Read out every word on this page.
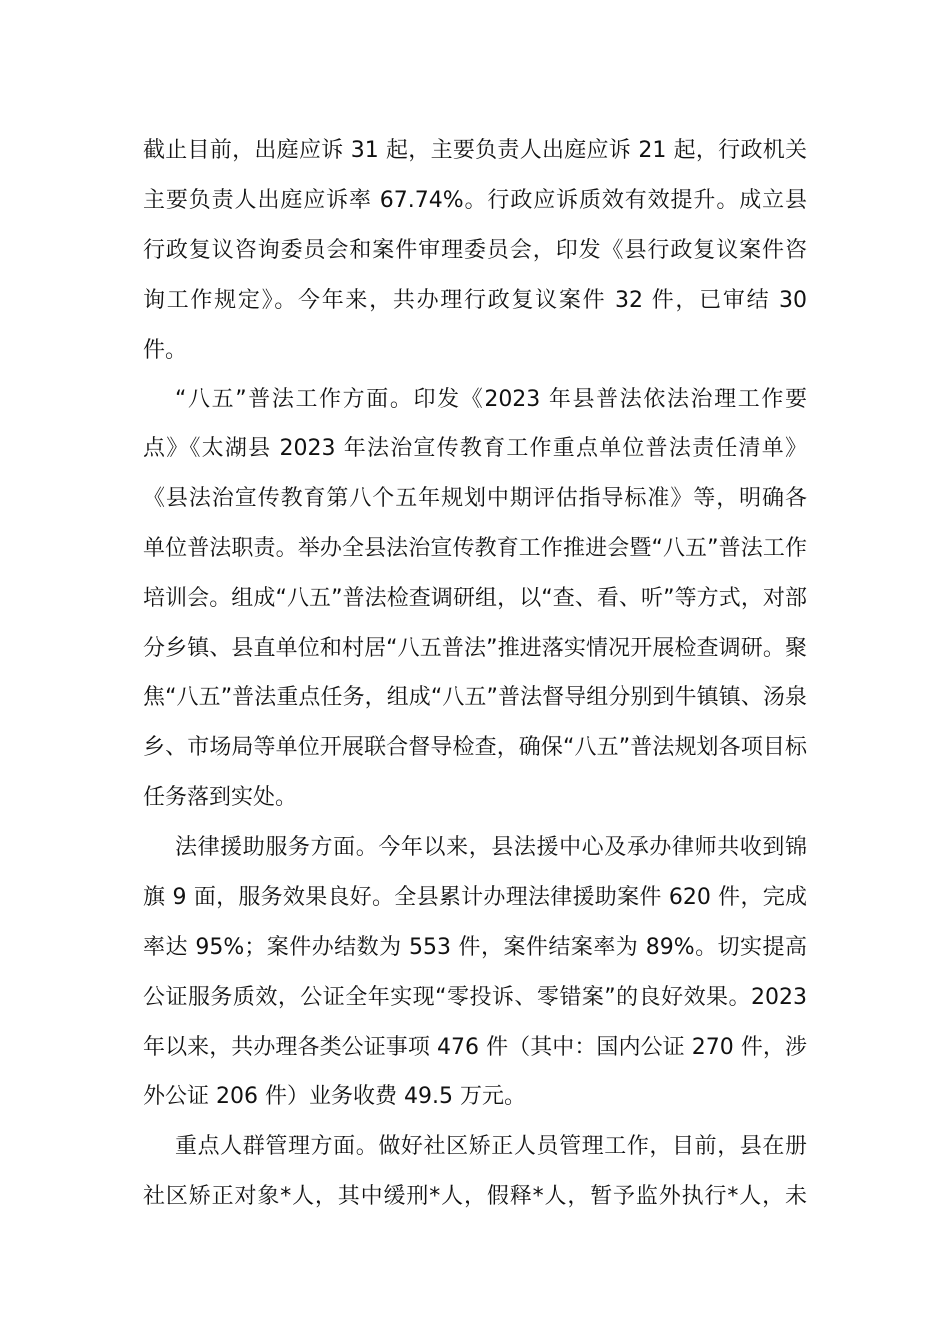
截止目前，出庭应诉 31 起，主要负责人出庭应诉 21 起，行政机关
主要负责人出庭应诉率 67.74%。行政应诉质效有效提升。成立县
行政复议咨询委员会和案件审理委员会，印发《县行政复议案件咨
询工作规定》。今年来，共办理行政复议案件 32 件，已审结 30
件。
“八五”普法工作方面。印发《2023 年县普法依法治理工作要
点》《太湖县 2023 年法治宣传教育工作重点单位普法责任清单》
《县法治宣传教育第八个五年规划中期评估指导标准》等，明确各
单位普法职责。举办全县法治宣传教育工作推进会暨“八五”普法工作
培训会。组成“八五”普法检查调研组，以“查、看、听”等方式，对部
分乡镇、县直单位和村居“八五普法”推进落实情况开展检查调研。聚
焦“八五”普法重点任务，组成“八五”普法督导组分别到牛镇镇、汤泉
乡、市场局等单位开展联合督导检查，确保“八五”普法规划各项目标
任务落到实处。
法律援助服务方面。今年以来，县法援中心及承办律师共收到锦
旗 9 面，服务效果良好。全县累计办理法律援助案件 620 件，完成
率达 95%；案件办结数为 553 件，案件结案率为 89%。切实提高
公证服务质效，公证全年实现“零投诉、零错案”的良好效果。2023
年以来，共办理各类公证事项 476 件（其中：国内公证 270 件，涉
外公证 206 件）业务收费 49.5 万元。
重点人群管理方面。做好社区矫正人员管理工作，目前，县在册
社区矫正对象*人，其中缓刑*人，假释*人，暂予监外执行*人，未
